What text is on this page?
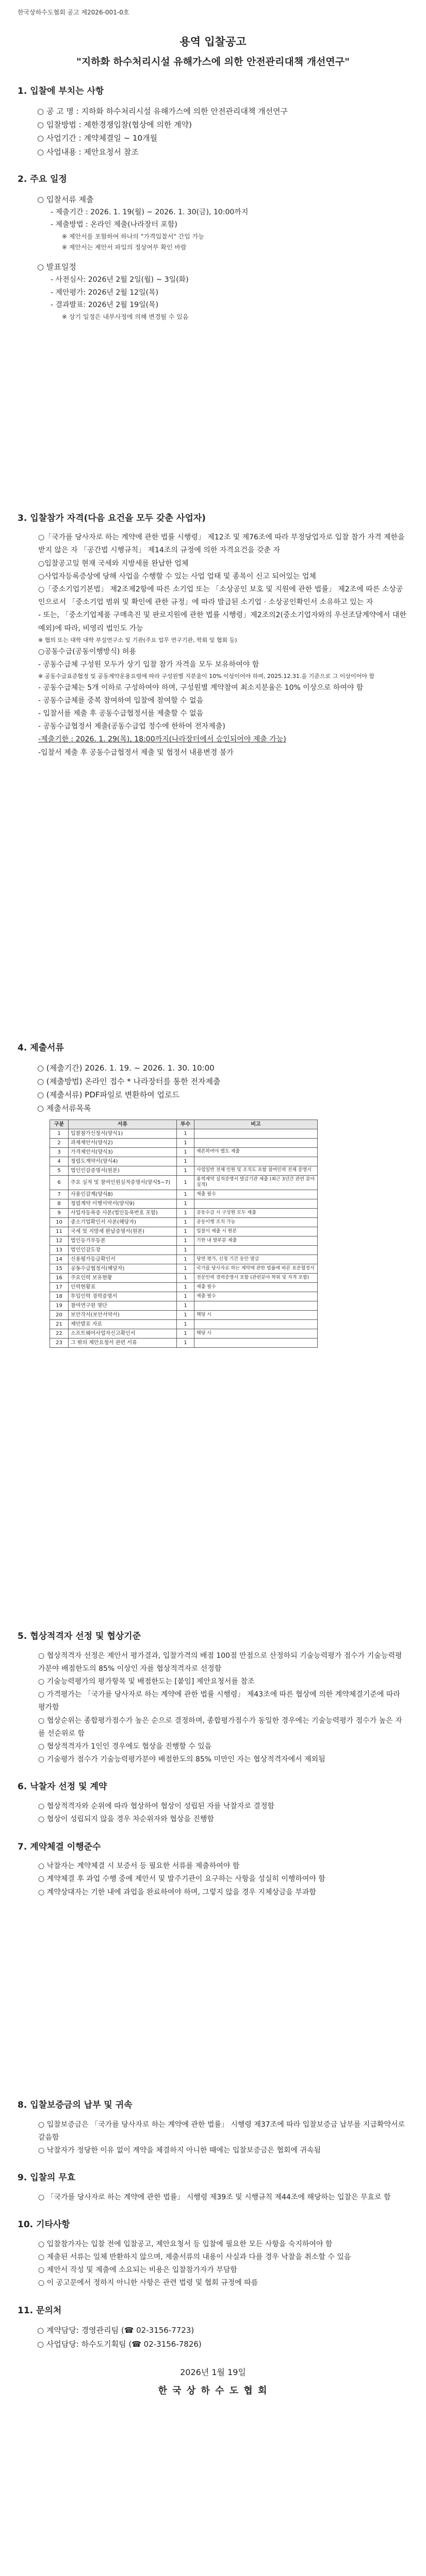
한국상하수도협회 공고 제2026-001-0호
용역 입찰공고
"지하화 하수처리시설 유해가스에 의한 안전관리대책 개선연구"
1. 입찰에 부치는 사항
○ 공 고 명 : 지하화 하수처리시설 유해가스에 의한 안전관리대책 개선연구
○ 입찰방법 : 제한경쟁입찰(협상에 의한 계약)
○ 사업기간 : 계약체결일 ~ 10개월
○ 사업내용 : 제안요청서 참조
2. 주요 일정
○ 입찰서류 제출
- 제출기간 : 2026. 1. 19(월) ~ 2026. 1. 30(금), 10:00까지
- 제출방법 : 온라인 제출(나라장터 포함)
※ 제안서를 포함하여 하나의 "가격입찰서" 간입 가능
※ 제안서는 제안서 파일의 정상여부 확인 바람
○ 발표일정
- 사전심사: 2026년 2월 2일(월) ~ 3일(화)
- 제안평가: 2026년 2월 12일(목)
- 결과발표: 2026년 2월 19일(목)
※ 상기 일정은 내부사정에 의해 변경될 수 있음
3. 입찰참가 자격(다음 요건을 모두 갖춘 사업자)
○「국가를 당사자로 하는 계약에 관한 법률 시행령」 제12조 및 제76조에 따라 부정당업자로 입찰 참가 자격 제한을 받지 않은 자 「공간법 시행규칙」 제14조의 규정에 의한 자격요건을 갖춘 자
○입찰공고일 현재 국세와 지방세를 완납한 업체
○사업자등록증상에 당해 사업을 수행할 수 있는 사업 업태 및 종목이 신고 되어있는 업체
○「중소기업기본법」 제2조제2항에 따른 소기업 또는 「소상공인 보호 및 지원에 관한 법률」 제2조에 따른 소상공인으로서 「중소기업 범위 및 확인에 관한 규정」에 따라 발급된 소기업 · 소상공인확인서 소유하고 있는 자
- 또는, 「중소기업제품 구매촉진 및 판로지원에 관한 법률 시행령」제2조의2(중소기업자와의 우선조달계약에서 대한 예외)에 따라, 비영리 법인도 가능
※ 협의 또는 대학 대학 부설연구소 및 기관(주요 업무 연구기관, 학회 및 협회 등)
○공동수급(공동이행방식) 허용
- 공동수급체 구성원 모두가 상기 입찰 참가 자격을 모두 보유하여야 함
※ 공동수급표준협정 및 공동계약운용요령에 따라 구성원별 지분율이 10% 이상이어야 하며, 2025.12.31.을 기준으로 그 이상이어야 함
- 공동수급체는 5개 이하로 구성하여야 하며, 구성원별 계약참여 최소지분율은 10% 이상으로 하여야 함
- 공동수급체를 중복 참여하여 입찰에 참여할 수 없음
- 입찰서를 제출 후 공동수급협정서를 제출할 수 없음
- 공동수급협정서 제출(공동수급업 정수에 한하여 전자제출)
-제출기한 : 2026. 1. 29(목), 18:00까지(나라장터에서 승인되어야 제출 가능)
-입찰서 제출 후 공동수급협정서 제출 및 협정서 내용변경 불가
4. 제출서류
○ (제출기간) 2026. 1. 19. ~ 2026. 1. 30. 10:00
○ (제출방법) 온라인 접수 * 나라장터를 통한 전자제출
○ (제출서류) PDF파일로 변환하여 업로드
○ 제출서류목록
구분	서류	부수	비고
1	입찰참가신청서(양식1)	1	
2	과제제안서(양식2)	1	
3	가격제안서(양식3)	1	제본하여야 별도 제출
4	청렴도계약서(양식4)	1	
5	법인인감증명서(원본)	1	사업일반 전체 인원 및 조직도 포함 참여인력 전체 증명서
6	주요 실적 및 참여인원실적증명서(양식5~7)	1	용역계약 실적증명서 발급기관 제출 (최근 3년간 관련 분야 실적)
7	사용인감계(양식8)	1	제출 필수
8	청렴계약 이행서약서(양식9)	1	
9	사업자등록증 사본(법인등록번호 포함)	1	공동수급 시 구성원 모두 제출
10	중소기업확인서 사본(해당자)	1	공동이행 조치 가능
11	국세 및 지방세 완납증명서(원본)	1	입찰서 제출 시 원본
12	법인등기부등본	1	기한 내 발부분 제출
13	법인인감도장	1	
14	신용평가등급확인서	1	당연 평가, 신청 기간 동안 발급
15	공동수급협정서(해당자)	1	국가를 당사자로 하는 계약에 관한 법률에 따른 표준협정서
16	주요인력 보유현황	1	전문인력 경력증명서 포함 (관련분야 학위 및 자격 포함)
17	인력현황표	1	제출 필수
18	투입인력 경력증명서	1	제출 필수
19	참여연구원 명단	1	
20	보안각서(보안서약서)	1	해당 시
21	제안발표 자료	1	
22	소프트웨어사업자신고확인서	1	해당 시
23	그 밖의 제안요청서 관련 서류	1	
5. 협상적격자 선정 및 협상기준
○ 협상적격자 선정은 제안서 평가결과, 입찰가격의 배점 100점 만점으로 산정하되 기술능력평가 점수가 기술능력평가분야 배점한도의 85% 이상인 자를 협상적격자로 선정함
○ 기술능력평가의 평가항목 및 배점한도는 [붙임] 제안요청서를 참조
○ 가격평가는 「국가를 당사자로 하는 계약에 관한 법률 시행령」 제43조에 따른 협상에 의한 계약체결기준에 따라 평가함
○ 협상순위는 종합평가점수가 높은 순으로 결정하며, 종합평가점수가 동일한 경우에는 기술능력평가 점수가 높은 자를 선순위로 함
○ 협상적격자가 1인인 경우에도 협상을 진행할 수 있음
○ 기술평가 점수가 기술능력평가분야 배점한도의 85% 미만인 자는 협상적격자에서 제외됨
6. 낙찰자 선정 및 계약
○ 협상적격자와 순위에 따라 협상하여 협상이 성립된 자를 낙찰자로 결정함
○ 협상이 성립되지 않을 경우 차순위자와 협상을 진행함
7. 계약체결 이행준수
○ 낙찰자는 계약체결 시 보증서 등 필요한 서류를 제출하여야 함
○ 계약체결 후 과업 수행 중에 제안서 및 발주기관이 요구하는 사항을 성실히 이행하여야 함
○ 계약상대자는 기한 내에 과업을 완료하여야 하며, 그렇지 않을 경우 지체상금을 부과함
8. 입찰보증금의 납부 및 귀속
○ 입찰보증금은 「국가를 당사자로 하는 계약에 관한 법률」 시행령 제37조에 따라 입찰보증금 납부를 지급확약서로 갈음함
○ 낙찰자가 정당한 이유 없이 계약을 체결하지 아니한 때에는 입찰보증금은 협회에 귀속됨
9. 입찰의 무효
○ 「국가를 당사자로 하는 계약에 관한 법률」 시행령 제39조 및 시행규칙 제44조에 해당하는 입찰은 무효로 함
10. 기타사항
○ 입찰참가자는 입찰 전에 입찰공고, 제안요청서 등 입찰에 필요한 모든 사항을 숙지하여야 함
○ 제출된 서류는 일체 반환하지 않으며, 제출서류의 내용이 사실과 다를 경우 낙찰을 취소할 수 있음
○ 제안서 작성 및 제출에 소요되는 비용은 입찰참가자가 부담함
○ 이 공고문에서 정하지 아니한 사항은 관련 법령 및 협회 규정에 따름
11. 문의처
○ 계약담당: 경영관리팀 (☎ 02-3156-7723)
○ 사업담당: 하수도기획팀 (☎ 02-3156-7826)
2026년 1월 19일
한 국 상 하 수 도 협 회
